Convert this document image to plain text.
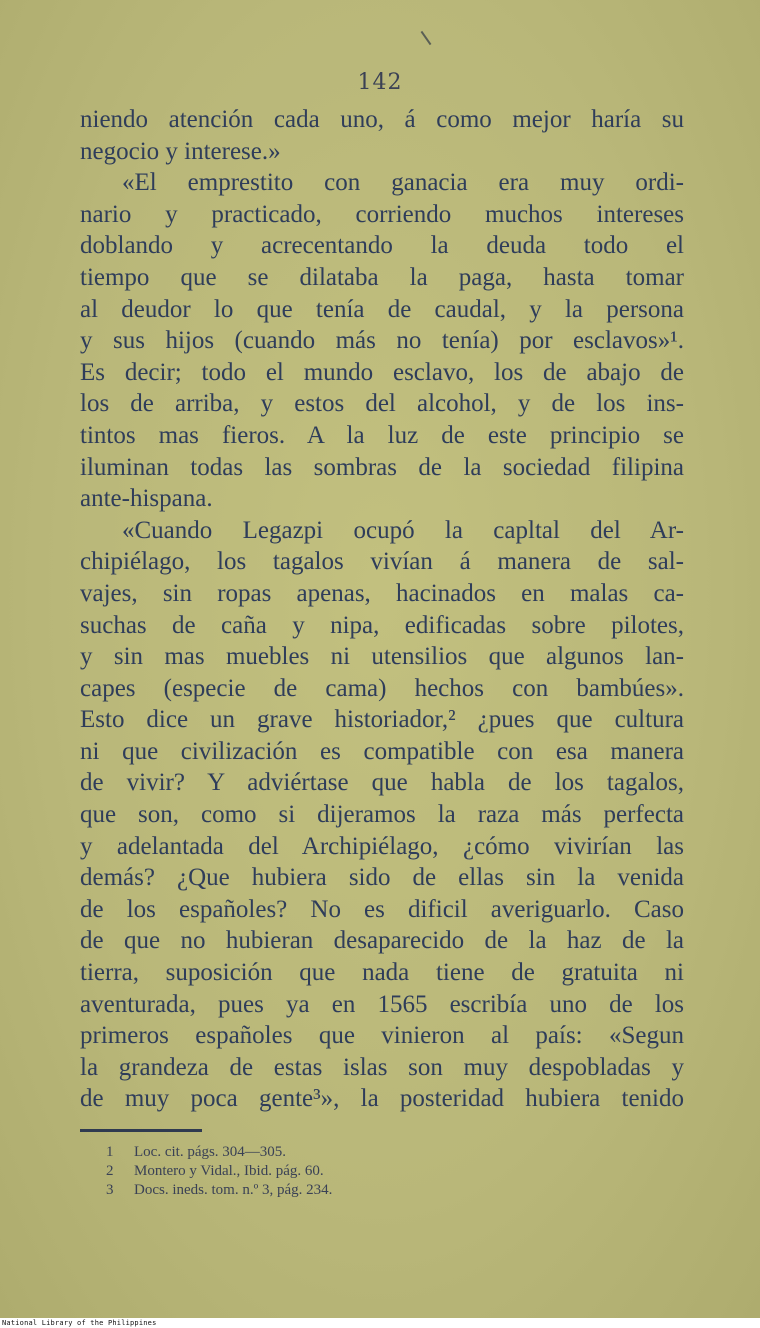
142
niendo atención cada uno, á como mejor haría su
negocio y interese.»
«El emprestito con ganacia era muy ordi-
nario y practicado, corriendo muchos intereses
doblando y acrecentando la deuda todo el
tiempo que se dilataba la paga, hasta tomar
al deudor lo que tenía de caudal, y la persona
y sus hijos (cuando más no tenía) por esclavos»¹.
Es decir; todo el mundo esclavo, los de abajo de
los de arriba, y estos del alcohol, y de los ins-
tintos mas fieros. A la luz de este principio se
iluminan todas las sombras de la sociedad filipina
ante-hispana.
«Cuando Legazpi ocupó la capltal del Ar-
chipiélago, los tagalos vivían á manera de sal-
vajes, sin ropas apenas, hacinados en malas ca-
suchas de caña y nipa, edificadas sobre pilotes,
y sin mas muebles ni utensilios que algunos lan-
capes (especie de cama) hechos con bambúes».
Esto dice un grave historiador,² ¿pues que cultura
ni que civilización es compatible con esa manera
de vivir? Y adviértase que habla de los tagalos,
que son, como si dijeramos la raza más perfecta
y adelantada del Archipiélago, ¿cómo vivirían las
demás? ¿Que hubiera sido de ellas sin la venida
de los españoles? No es dificil averiguarlo. Caso
de que no hubieran desaparecido de la haz de la
tierra, suposición que nada tiene de gratuita ni
aventurada, pues ya en 1565 escribía uno de los
primeros españoles que vinieron al país: «Segun
la grandeza de estas islas son muy despobladas y
de muy poca gente³», la posteridad hubiera tenido
1 Loc. cit. págs. 304—305.
2 Montero y Vidal., Ibid. pág. 60.
3 Docs. ineds. tom. n.º 3, pág. 234.
National Library of the Philippines
